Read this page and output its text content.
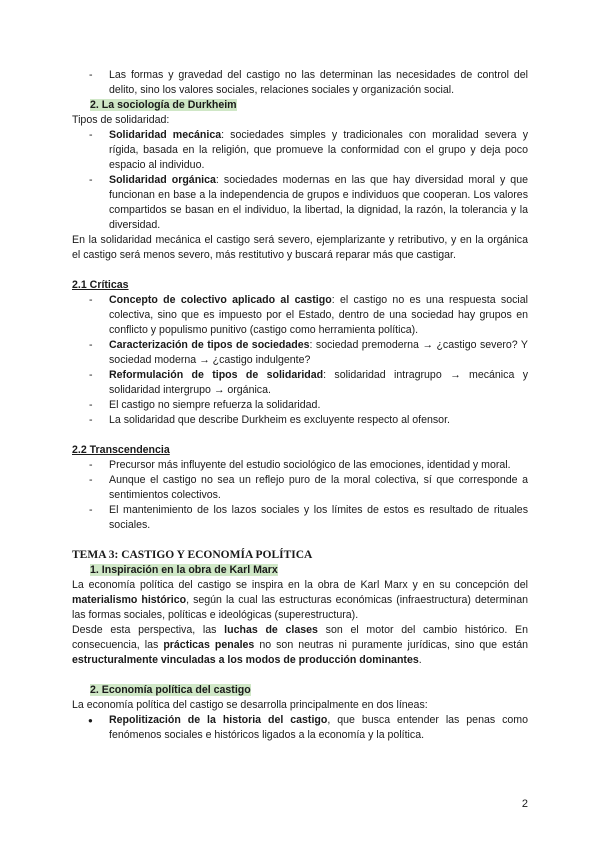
- Las formas y gravedad del castigo no las determinan las necesidades de control del delito, sino los valores sociales, relaciones sociales y organización social.

2. La sociología de Durkheim

Tipos de solidaridad:

- Solidaridad mecánica: sociedades simples y tradicionales con moralidad severa y rígida, basada en la religión, que promueve la conformidad con el grupo y deja poco espacio al individuo.
- Solidaridad orgánica: sociedades modernas en las que hay diversidad moral y que funcionan en base a la independencia de grupos e individuos que cooperan. Los valores compartidos se basan en el individuo, la libertad, la dignidad, la razón, la tolerancia y la diversidad.

En la solidaridad mecánica el castigo será severo, ejemplarizante y retributivo, y en la orgánica el castigo será menos severo, más restitutivo y buscará reparar más que castigar.

2.1 Críticas

- Concepto de colectivo aplicado al castigo: el castigo no es una respuesta social colectiva, sino que es impuesto por el Estado, dentro de una sociedad hay grupos en conflicto y populismo punitivo (castigo como herramienta política).
- Caracterización de tipos de sociedades: sociedad premoderna → ¿castigo severo? Y sociedad moderna → ¿castigo indulgente?
- Reformulación de tipos de solidaridad: solidaridad intragrupo → mecánica y solidaridad intergrupo → orgánica.
- El castigo no siempre refuerza la solidaridad.
- La solidaridad que describe Durkheim es excluyente respecto al ofensor.

2.2 Transcendencia

- Precursor más influyente del estudio sociológico de las emociones, identidad y moral.
- Aunque el castigo no sea un reflejo puro de la moral colectiva, sí que corresponde a sentimientos colectivos.
- El mantenimiento de los lazos sociales y los límites de estos es resultado de rituales sociales.

TEMA 3: CASTIGO Y ECONOMÍA POLÍTICA

1. Inspiración en la obra de Karl Marx

La economía política del castigo se inspira en la obra de Karl Marx y en su concepción del materialismo histórico, según la cual las estructuras económicas (infraestructura) determinan las formas sociales, políticas e ideológicas (superestructura).

Desde esta perspectiva, las luchas de clases son el motor del cambio histórico. En consecuencia, las prácticas penales no son neutras ni puramente jurídicas, sino que están estructuralmente vinculadas a los modos de producción dominantes.

2. Economía política del castigo

La economía política del castigo se desarrolla principalmente en dos líneas:

● Repolitización de la historia del castigo, que busca entender las penas como fenómenos sociales e históricos ligados a la economía y la política.
2
